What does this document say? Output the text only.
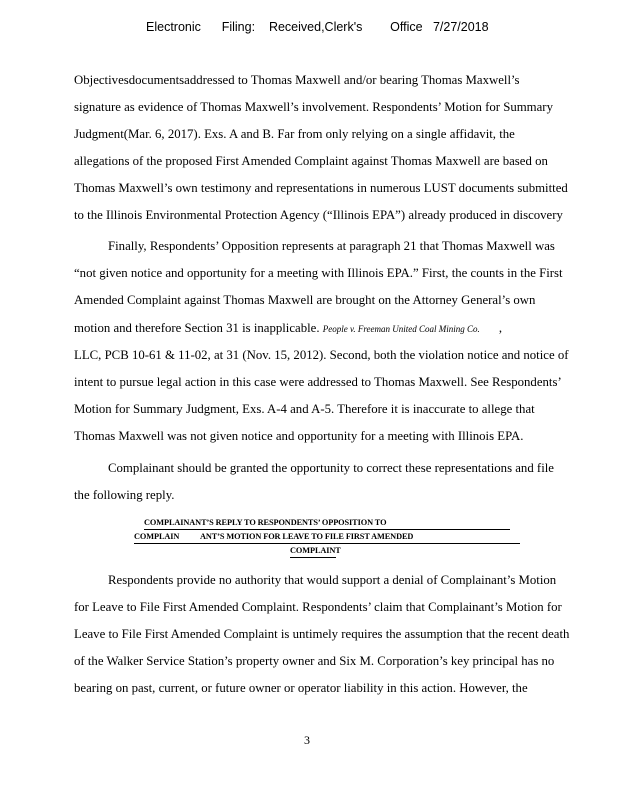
Electronic      Filing:    Received,Clerk's        Office   7/27/2018
Objectivesdocumentsaddressed to Thomas Maxwell and/or bearing Thomas Maxwell’s
signature as evidence of Thomas Maxwell’s involvement. Respondents’ Motion for Summary
Judgment(Mar. 6, 2017). Exs. A and B. Far from only relying on a single affidavit, the
allegations of the proposed First Amended Complaint against Thomas Maxwell are based on
Thomas Maxwell’s own testimony and representations in numerous LUST documents submitted
to the Illinois Environmental Protection Agency (“Illinois EPA”) already produced in discovery
Finally, Respondents’ Opposition represents at paragraph 21 that Thomas Maxwell was
“not given notice and opportunity for a meeting with Illinois EPA.” First, the counts in the First
Amended Complaint against Thomas Maxwell are brought on the Attorney General’s own
motion and therefore Section 31 is inapplicable. People v. Freeman United Coal Mining Co.      ,
LLC, PCB 10-61 & 11-02, at 31 (Nov. 15, 2012). Second, both the violation notice and notice of
intent to pursue legal action in this case were addressed to Thomas Maxwell. See Respondents’
Motion for Summary Judgment, Exs. A-4 and A-5. Therefore it is inaccurate to allege that
Thomas Maxwell was not given notice and opportunity for a meeting with Illinois EPA.
Complainant should be granted the opportunity to correct these representations and file
the following reply.
COMPLAINANT’S REPLY TO RESPONDENTS’ OPPOSITION TO
COMPLAIN ANT’S MOTION FOR LEAVE TO FILE FIRST AMENDED
COMPLAINT
Respondents provide no authority that would support a denial of Complainant’s Motion
for Leave to File First Amended Complaint. Respondents’ claim that Complainant’s Motion for
Leave to File First Amended Complaint is untimely requires the assumption that the recent death
of the Walker Service Station’s property owner and Six M. Corporation’s key principal has no
bearing on past, current, or future owner or operator liability in this action. However, the
3
